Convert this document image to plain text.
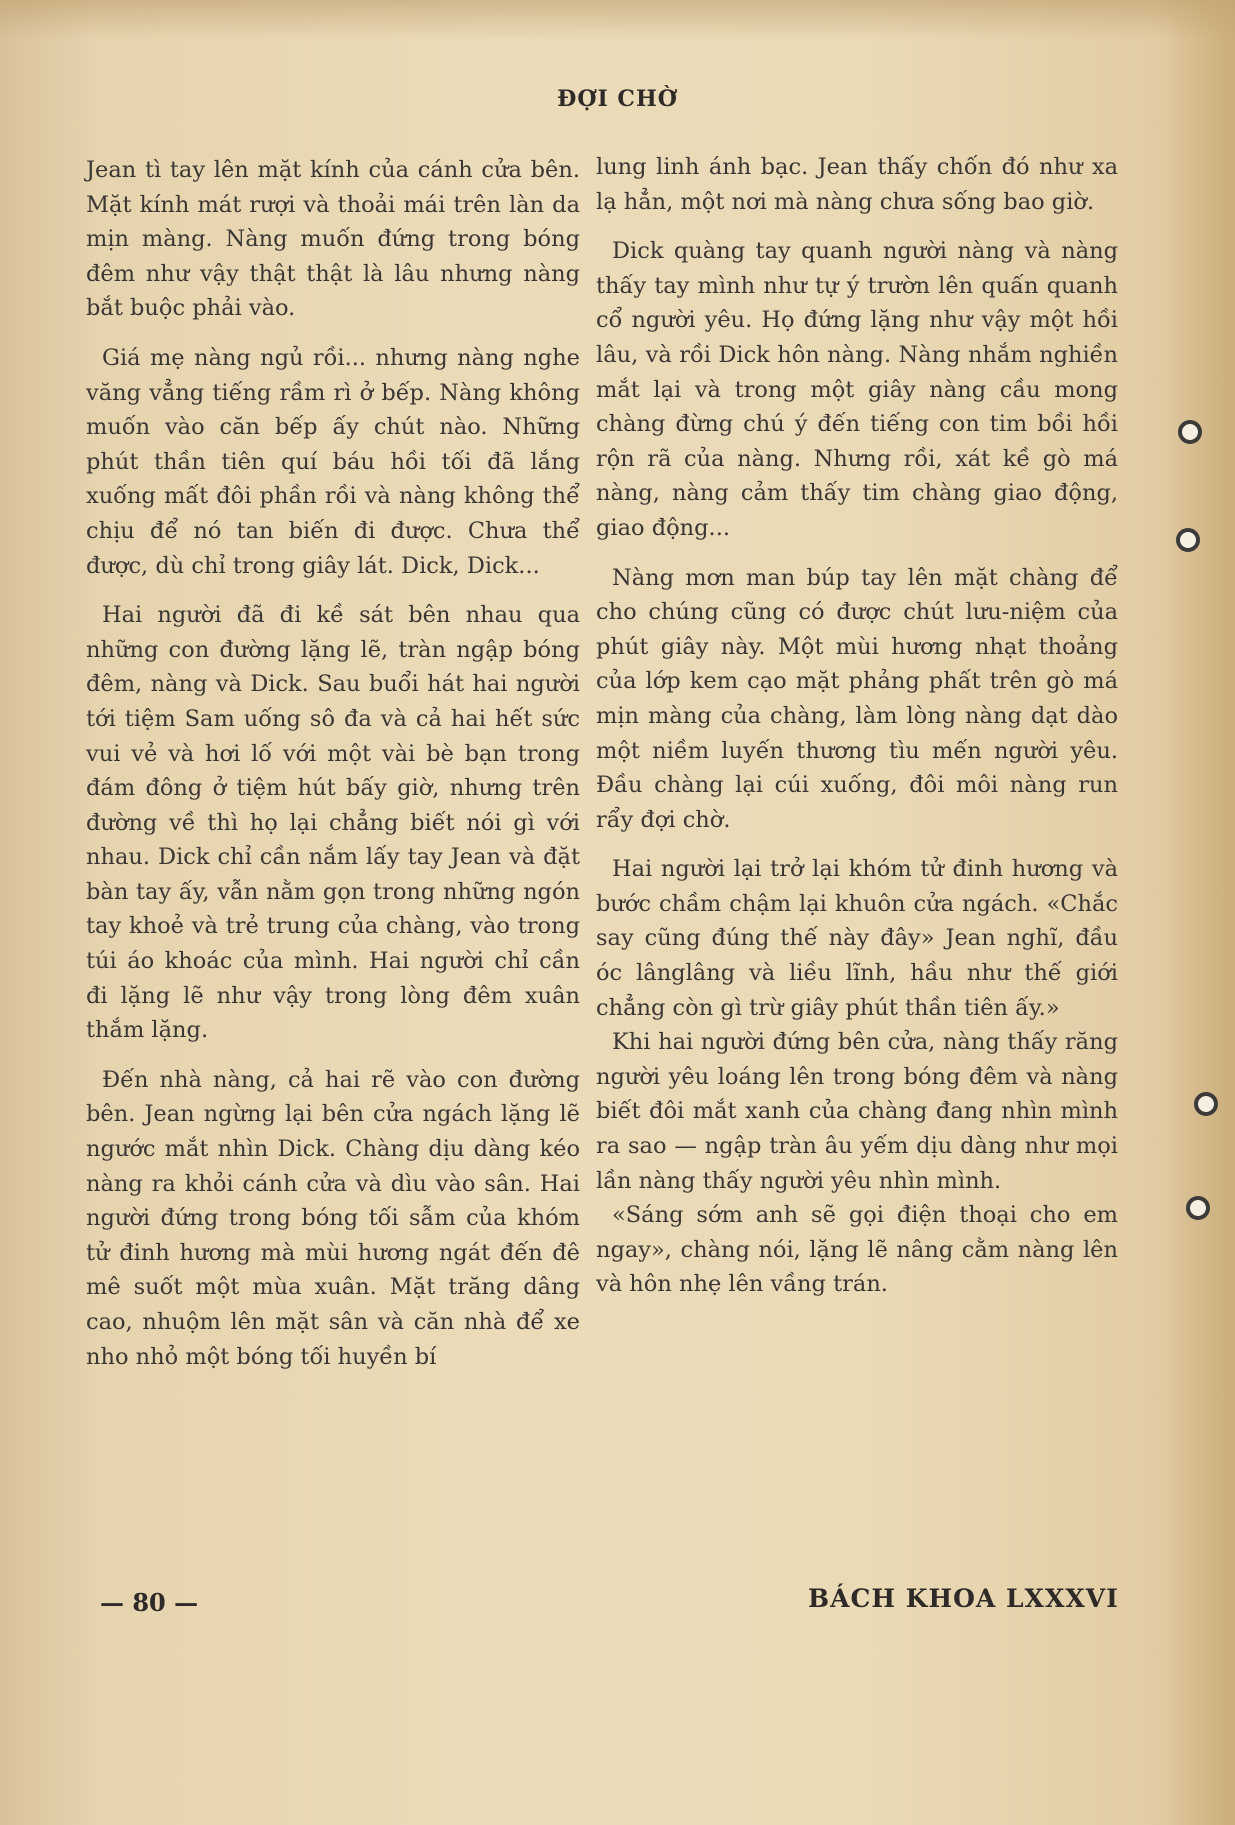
ĐỢI CHỜ

Jean tì tay lên mặt kính của cánh cửa bên. Mặt kính mát rượi và thoải mái trên làn da mịn màng. Nàng muốn đứng trong bóng đêm như vậy thật thật là lâu nhưng nàng bắt buộc phải vào.

Giá mẹ nàng ngủ rồi... nhưng nàng nghe văng vẳng tiếng rầm rì ở bếp. Nàng không muốn vào căn bếp ấy chút nào. Những phút thần tiên quí báu hồi tối đã lắng xuống mất đôi phần rồi và nàng không thể chịu để nó tan biến đi được. Chưa thể được, dù chỉ trong giây lát. Dick, Dick...

Hai người đã đi kề sát bên nhau qua những con đường lặng lẽ, tràn ngập bóng đêm, nàng và Dick. Sau buổi hát hai người tới tiệm Sam uống sô đa và cả hai hết sức vui vẻ và hơi lố với một vài bè bạn trong đám đông ở tiệm hút bấy giờ, nhưng trên đường về thì họ lại chẳng biết nói gì với nhau. Dick chỉ cần nắm lấy tay Jean và đặt bàn tay ấy, vẫn nằm gọn trong những ngón tay khoẻ và trẻ trung của chàng, vào trong túi áo khoác của mình. Hai người chỉ cần đi lặng lẽ như vậy trong lòng đêm xuân thắm lặng.

Đến nhà nàng, cả hai rẽ vào con đường bên. Jean ngừng lại bên cửa ngách lặng lẽ ngước mắt nhìn Dick. Chàng dịu dàng kéo nàng ra khỏi cánh cửa và dìu vào sân. Hai người đứng trong bóng tối sẫm của khóm tử đinh hương mà mùi hương ngát đến đê mê suốt một mùa xuân. Mặt trăng dâng cao, nhuộm lên mặt sân và căn nhà để xe nho nhỏ một bóng tối huyền bí

lung linh ánh bạc. Jean thấy chốn đó như xa lạ hẳn, một nơi mà nàng chưa sống bao giờ.

Dick quàng tay quanh người nàng và nàng thấy tay mình như tự ý trườn lên quấn quanh cổ người yêu. Họ đứng lặng như vậy một hồi lâu, và rồi Dick hôn nàng. Nàng nhắm nghiền mắt lại và trong một giây nàng cầu mong chàng đừng chú ý đến tiếng con tim bồi hồi rộn rã của nàng. Nhưng rồi, xát kề gò má nàng, nàng cảm thấy tim chàng giao động, giao động...

Nàng mơn man búp tay lên mặt chàng để cho chúng cũng có được chút lưu-niệm của phút giây này. Một mùi hương nhạt thoảng của lớp kem cạo mặt phảng phất trên gò má mịn màng của chàng, làm lòng nàng dạt dào một niềm luyến thương tìu mến người yêu. Đầu chàng lại cúi xuống, đôi môi nàng run rẩy đợi chờ.

Hai người lại trở lại khóm tử đinh hương và bước chầm chậm lại khuôn cửa ngách. «Chắc say cũng đúng thế này đây» Jean nghĩ, đầu óc lânglâng và liều lĩnh, hầu như thế giới chẳng còn gì trừ giây phút thần tiên ấy.»

Khi hai người đứng bên cửa, nàng thấy răng người yêu loáng lên trong bóng đêm và nàng biết đôi mắt xanh của chàng đang nhìn mình ra sao — ngập tràn âu yếm dịu dàng như mọi lần nàng thấy người yêu nhìn mình.

«Sáng sớm anh sẽ gọi điện thoại cho em ngay», chàng nói, lặng lẽ nâng cằm nàng lên và hôn nhẹ lên vầng trán.

— 80 —	BÁCH KHOA LXXXVI
